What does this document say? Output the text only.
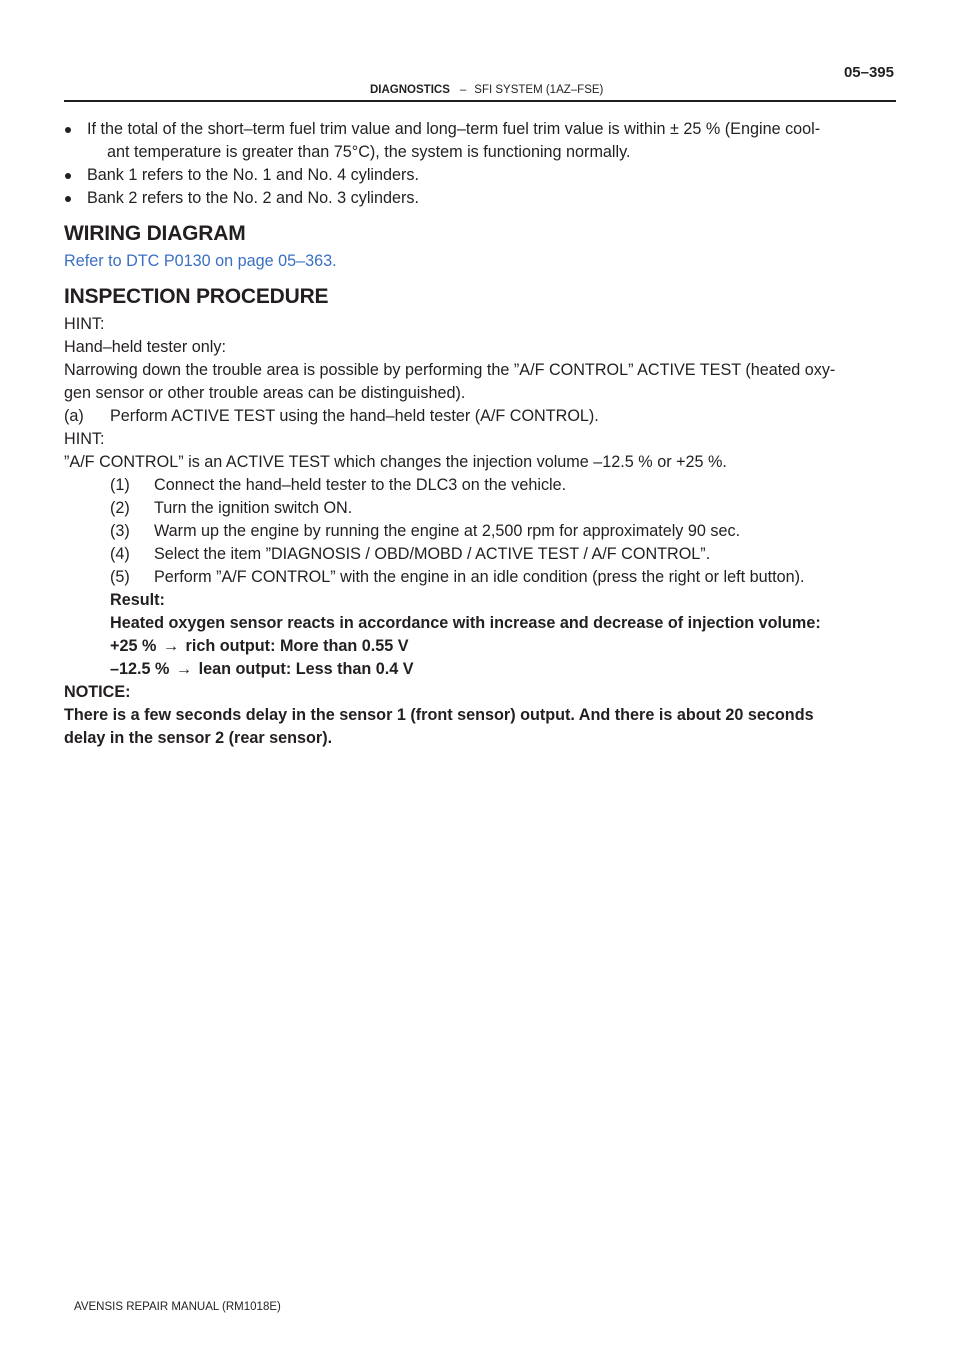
05–395
DIAGNOSTICS – SFI SYSTEM (1AZ–FSE)
If the total of the short–term fuel trim value and long–term fuel trim value is within ± 25 % (Engine cool-
ant temperature is greater than 75°C), the system is functioning normally.
Bank 1 refers to the No. 1 and No. 4 cylinders.
Bank 2 refers to the No. 2 and No. 3 cylinders.
WIRING DIAGRAM

Refer to DTC P0130 on page 05–363.

INSPECTION PROCEDURE

HINT:

Hand–held tester only:

Narrowing down the trouble area is possible by performing the ”A/F CONTROL” ACTIVE TEST (heated oxy-

gen sensor or other trouble areas can be distinguished).

(a) Perform ACTIVE TEST using the hand–held tester (A/F CONTROL).

HINT:

”A/F CONTROL” is an ACTIVE TEST which changes the injection volume –12.5 % or +25 %.

(1) Connect the hand–held tester to the DLC3 on the vehicle.
(2) Turn the ignition switch ON.
(3) Warm up the engine by running the engine at 2,500 rpm for approximately 90 sec.
(4) Select the item ”DIAGNOSIS / OBD/MOBD / ACTIVE TEST / A/F CONTROL”.
(5) Perform ”A/F CONTROL” with the engine in an idle condition (press the right or left button).

Result:

Heated oxygen sensor reacts in accordance with increase and decrease of injection volume:

+25 % → rich output: More than 0.55 V

–12.5 % → lean output: Less than 0.4 V

NOTICE:

There is a few seconds delay in the sensor 1 (front sensor) output. And there is about 20 seconds

delay in the sensor 2 (rear sensor).

AVENSIS REPAIR MANUAL (RM1018E)
